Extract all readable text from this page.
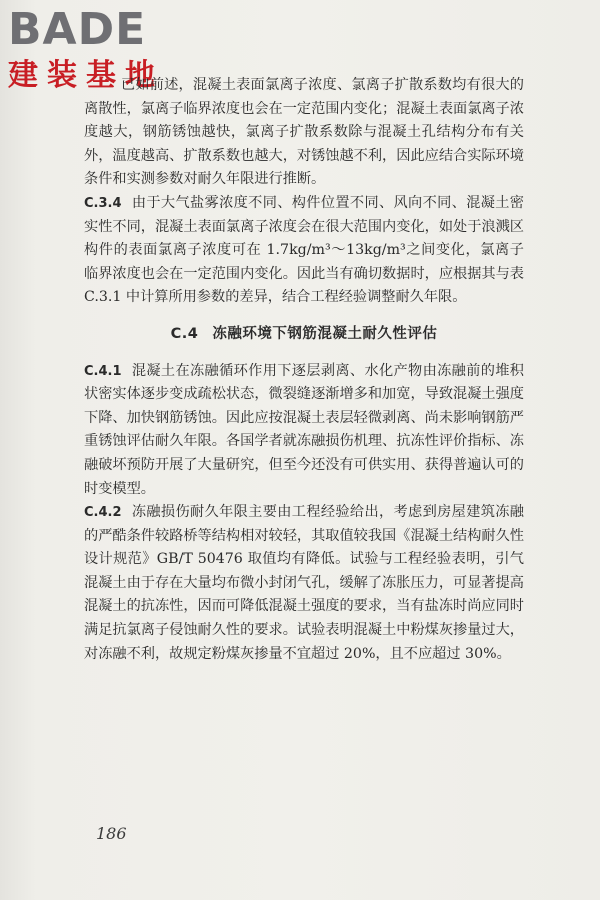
BADE
建装基地

已如前述，混凝土表面氯离子浓度、氯离子扩散系数均有很大的离散性，氯离子临界浓度也会在一定范围内变化；混凝土表面氯离子浓度越大，钢筋锈蚀越快，氯离子扩散系数除与混凝土孔结构分布有关外，温度越高、扩散系数也越大，对锈蚀越不利，因此应结合实际环境条件和实测参数对耐久年限进行推断。

C.3.4 由于大气盐雾浓度不同、构件位置不同、风向不同、混凝土密实性不同，混凝土表面氯离子浓度会在很大范围内变化，如处于浪溅区构件的表面氯离子浓度可在 1.7kg/m³～13kg/m³之间变化，氯离子临界浓度也会在一定范围内变化。因此当有确切数据时，应根据其与表 C.3.1 中计算所用参数的差异，结合工程经验调整耐久年限。

C.4 冻融环境下钢筋混凝土耐久性评估

C.4.1 混凝土在冻融循环作用下逐层剥离、水化产物由冻融前的堆积状密实体逐步变成疏松状态，微裂缝逐渐增多和加宽，导致混凝土强度下降、加快钢筋锈蚀。因此应按混凝土表层轻微剥离、尚未影响钢筋严重锈蚀评估耐久年限。各国学者就冻融损伤机理、抗冻性评价指标、冻融破坏预防开展了大量研究，但至今还没有可供实用、获得普遍认可的时变模型。

C.4.2 冻融损伤耐久年限主要由工程经验给出，考虑到房屋建筑冻融的严酷条件较路桥等结构相对较轻，其取值较我国《混凝土结构耐久性设计规范》GB/T 50476 取值均有降低。试验与工程经验表明，引气混凝土由于存在大量均布微小封闭气孔，缓解了冻胀压力，可显著提高混凝土的抗冻性，因而可降低混凝土强度的要求，当有盐冻时尚应同时满足抗氯离子侵蚀耐久性的要求。试验表明混凝土中粉煤灰掺量过大，对冻融不利，故规定粉煤灰掺量不宜超过 20%，且不应超过 30%。

186
